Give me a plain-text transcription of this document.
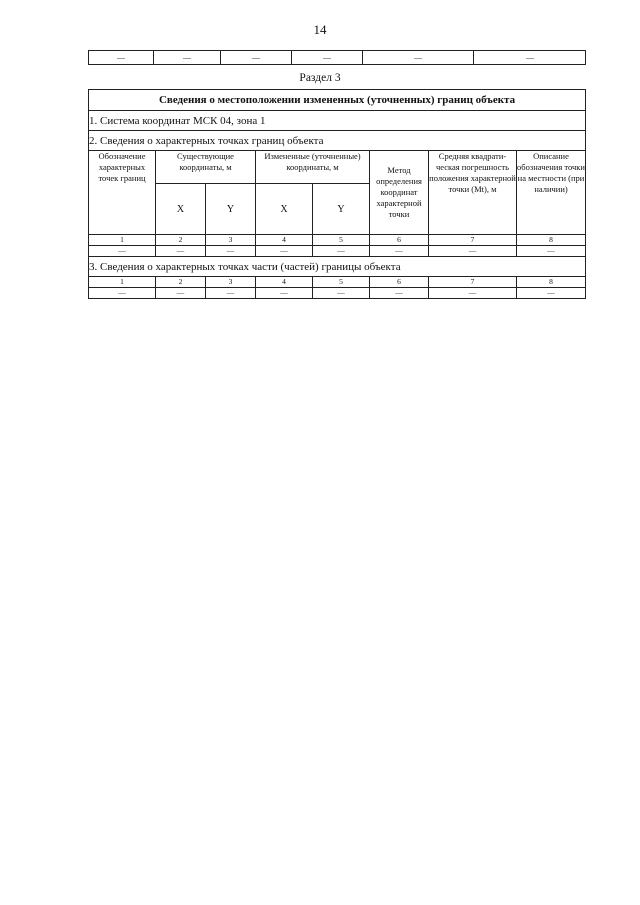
14
—	—	—	—	—	—
Раздел 3
Сведения о местоположении измененных (уточненных) границ объекта							
1. Система координат МСК 04, зона 1							
2. Сведения о характерных точках границ объекта							
Обозначение характерных точек границ	Существующие координаты, м		Измененные (уточненные) координаты, м		Метод определения координат характерной точки	Средняя квадрати-ческая погрешность положения характерной точки (Mt), м	Описание обозначения точки на местности (при наличии)
	X	Y	X	Y			
1	2	3	4	5	6	7	8
—	—	—	—	—	—	—	—
3. Сведения о характерных точках части (частей) границы объекта							
1	2	3	4	5	6	7	8
—	—	—	—	—	—	—	—
